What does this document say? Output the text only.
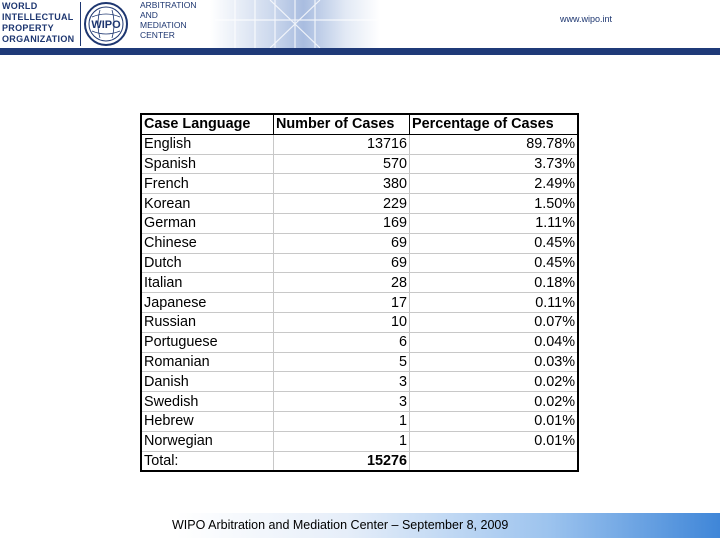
WORLD
INTELLECTUAL
PROPERTY
ORGANIZATION
WIPO
ARBITRATION
AND
MEDIATION
CENTER
www.wipo.int
Case Language	Number of Cases	Percentage of Cases
English	13716	89.78%
Spanish	570	3.73%
French	380	2.49%
Korean	229	1.50%
German	169	1.11%
Chinese	69	0.45%
Dutch	69	0.45%
Italian	28	0.18%
Japanese	17	0.11%
Russian	10	0.07%
Portuguese	6	0.04%
Romanian	5	0.03%
Danish	3	0.02%
Swedish	3	0.02%
Hebrew	1	0.01%
Norwegian	1	0.01%
Total:	15276	
WIPO Arbitration and Mediation Center – September 8, 2009
